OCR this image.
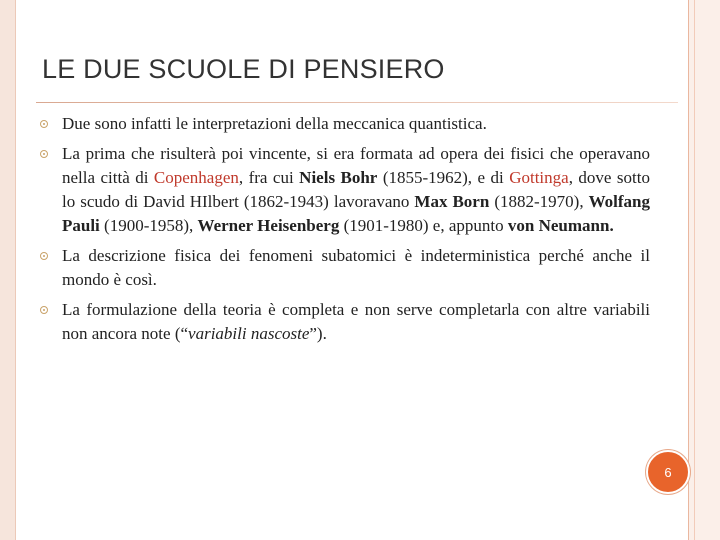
LE DUE SCUOLE DI PENSIERO
Due sono infatti le interpretazioni della meccanica quantistica.
La prima che risulterà poi vincente, si era formata ad opera dei fisici che operavano nella città di Copenhagen, fra cui Niels Bohr (1855-1962), e di Gottinga, dove sotto lo scudo di David HIlbert (1862-1943) lavoravano Max Born (1882-1970), Wolfang Pauli (1900-1958), Werner Heisenberg (1901-1980) e, appunto von Neumann.
La descrizione fisica dei fenomeni subatomici è indeterministica perché anche il mondo è così.
La formulazione della teoria è completa e non serve completarla con altre variabili non ancora note (“variabili nascoste”).
6
